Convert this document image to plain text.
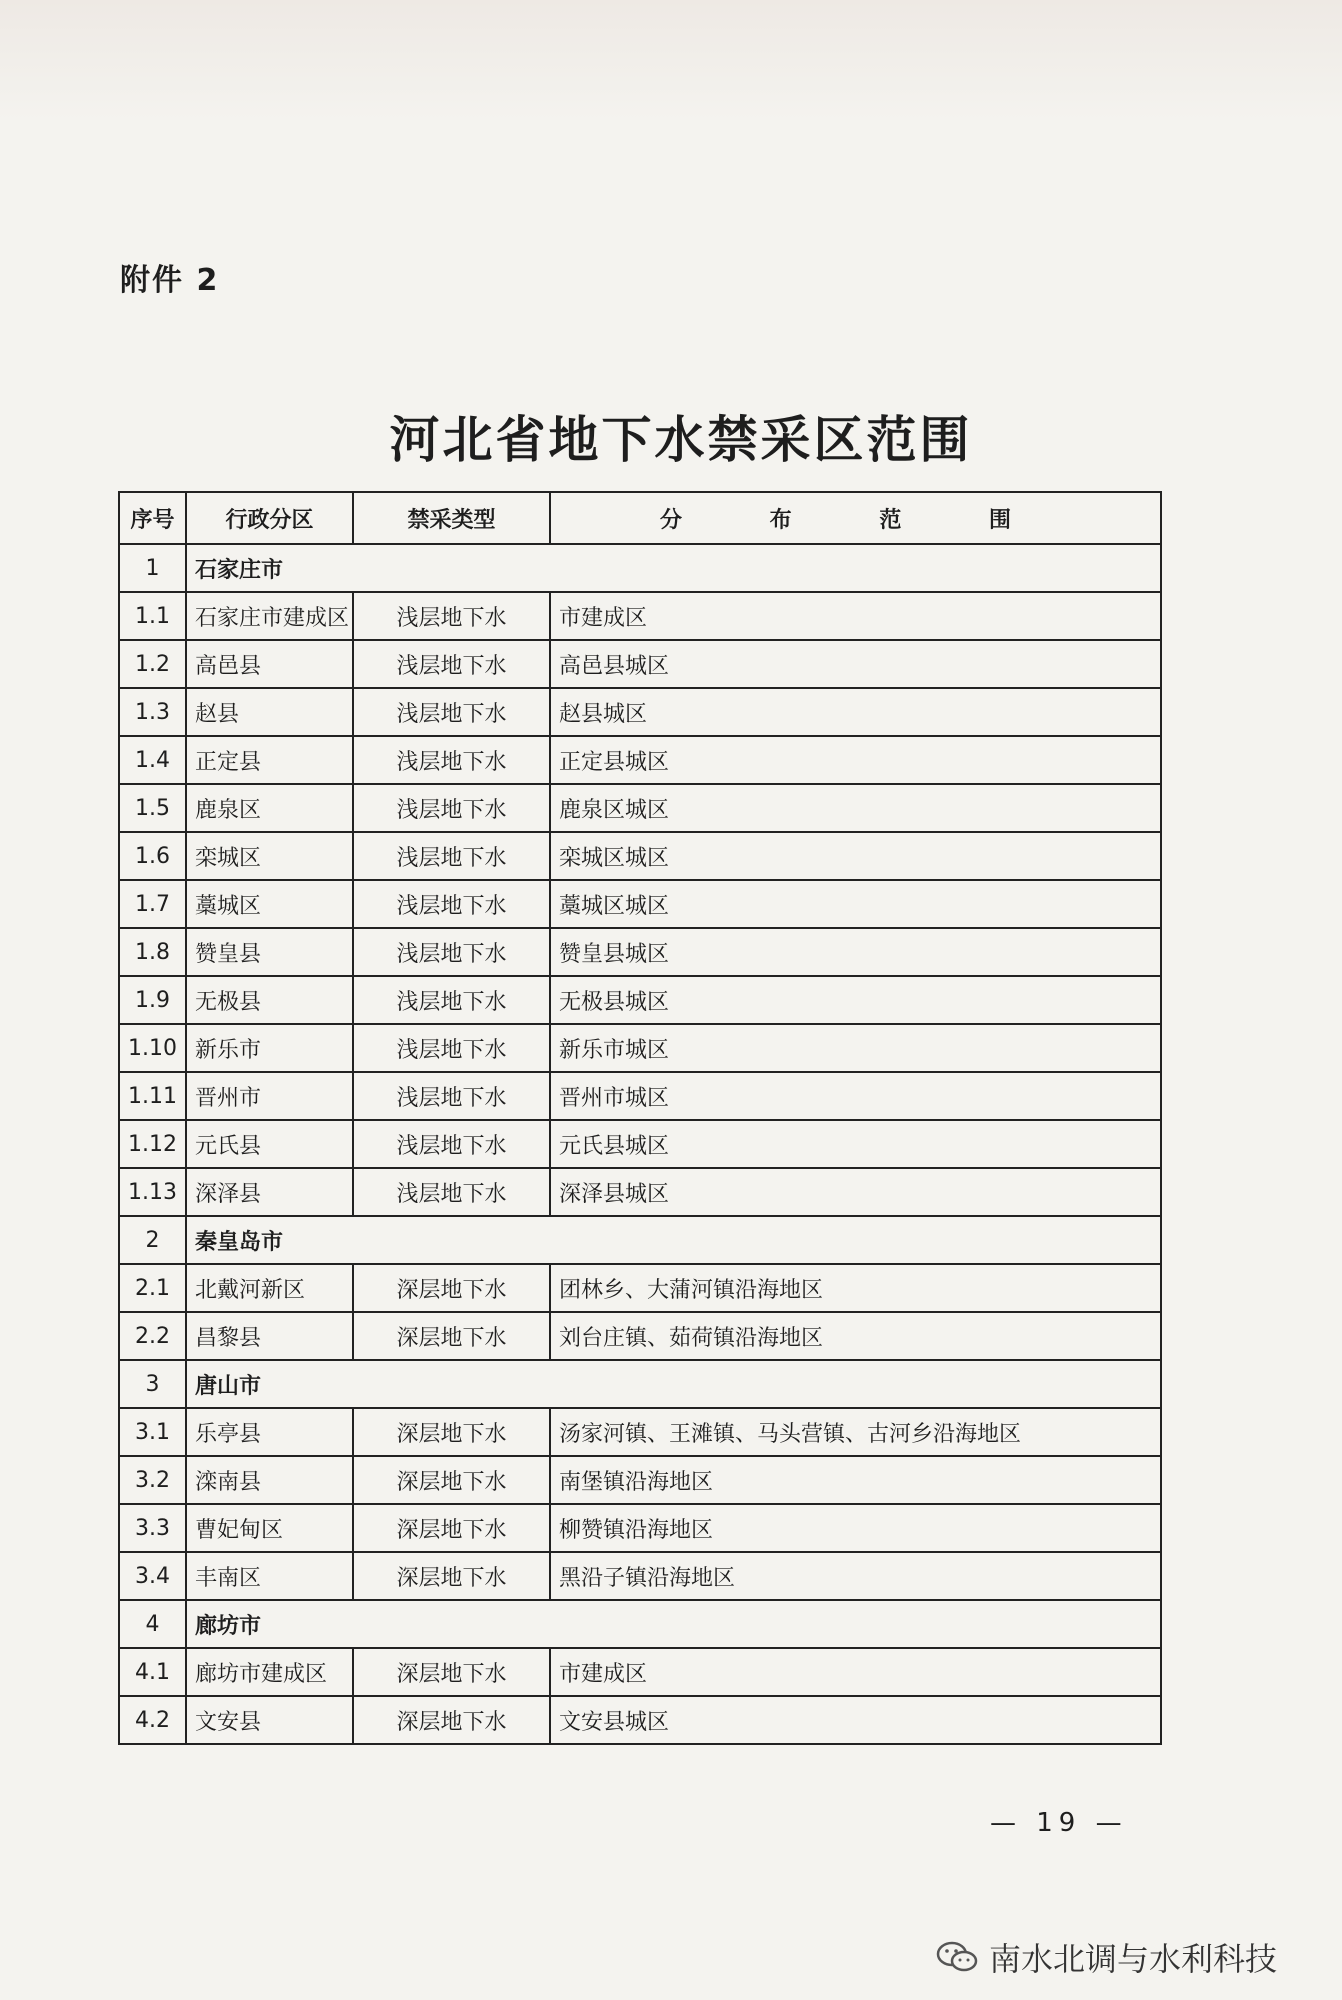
附件 2
河北省地下水禁采区范围
序号	行政分区	禁采类型	分 布 范 围
1	石家庄市		
1.1	石家庄市建成区	浅层地下水	市建成区
1.2	高邑县	浅层地下水	高邑县城区
1.3	赵县	浅层地下水	赵县城区
1.4	正定县	浅层地下水	正定县城区
1.5	鹿泉区	浅层地下水	鹿泉区城区
1.6	栾城区	浅层地下水	栾城区城区
1.7	藁城区	浅层地下水	藁城区城区
1.8	赞皇县	浅层地下水	赞皇县城区
1.9	无极县	浅层地下水	无极县城区
1.10	新乐市	浅层地下水	新乐市城区
1.11	晋州市	浅层地下水	晋州市城区
1.12	元氏县	浅层地下水	元氏县城区
1.13	深泽县	浅层地下水	深泽县城区
2	秦皇岛市		
2.1	北戴河新区	深层地下水	团林乡、大蒲河镇沿海地区
2.2	昌黎县	深层地下水	刘台庄镇、茹荷镇沿海地区
3	唐山市		
3.1	乐亭县	深层地下水	汤家河镇、王滩镇、马头营镇、古河乡沿海地区
3.2	滦南县	深层地下水	南堡镇沿海地区
3.3	曹妃甸区	深层地下水	柳赞镇沿海地区
3.4	丰南区	深层地下水	黑沿子镇沿海地区
4	廊坊市		
4.1	廊坊市建成区	深层地下水	市建成区
4.2	文安县	深层地下水	文安县城区
— 19 —
南水北调与水利科技
